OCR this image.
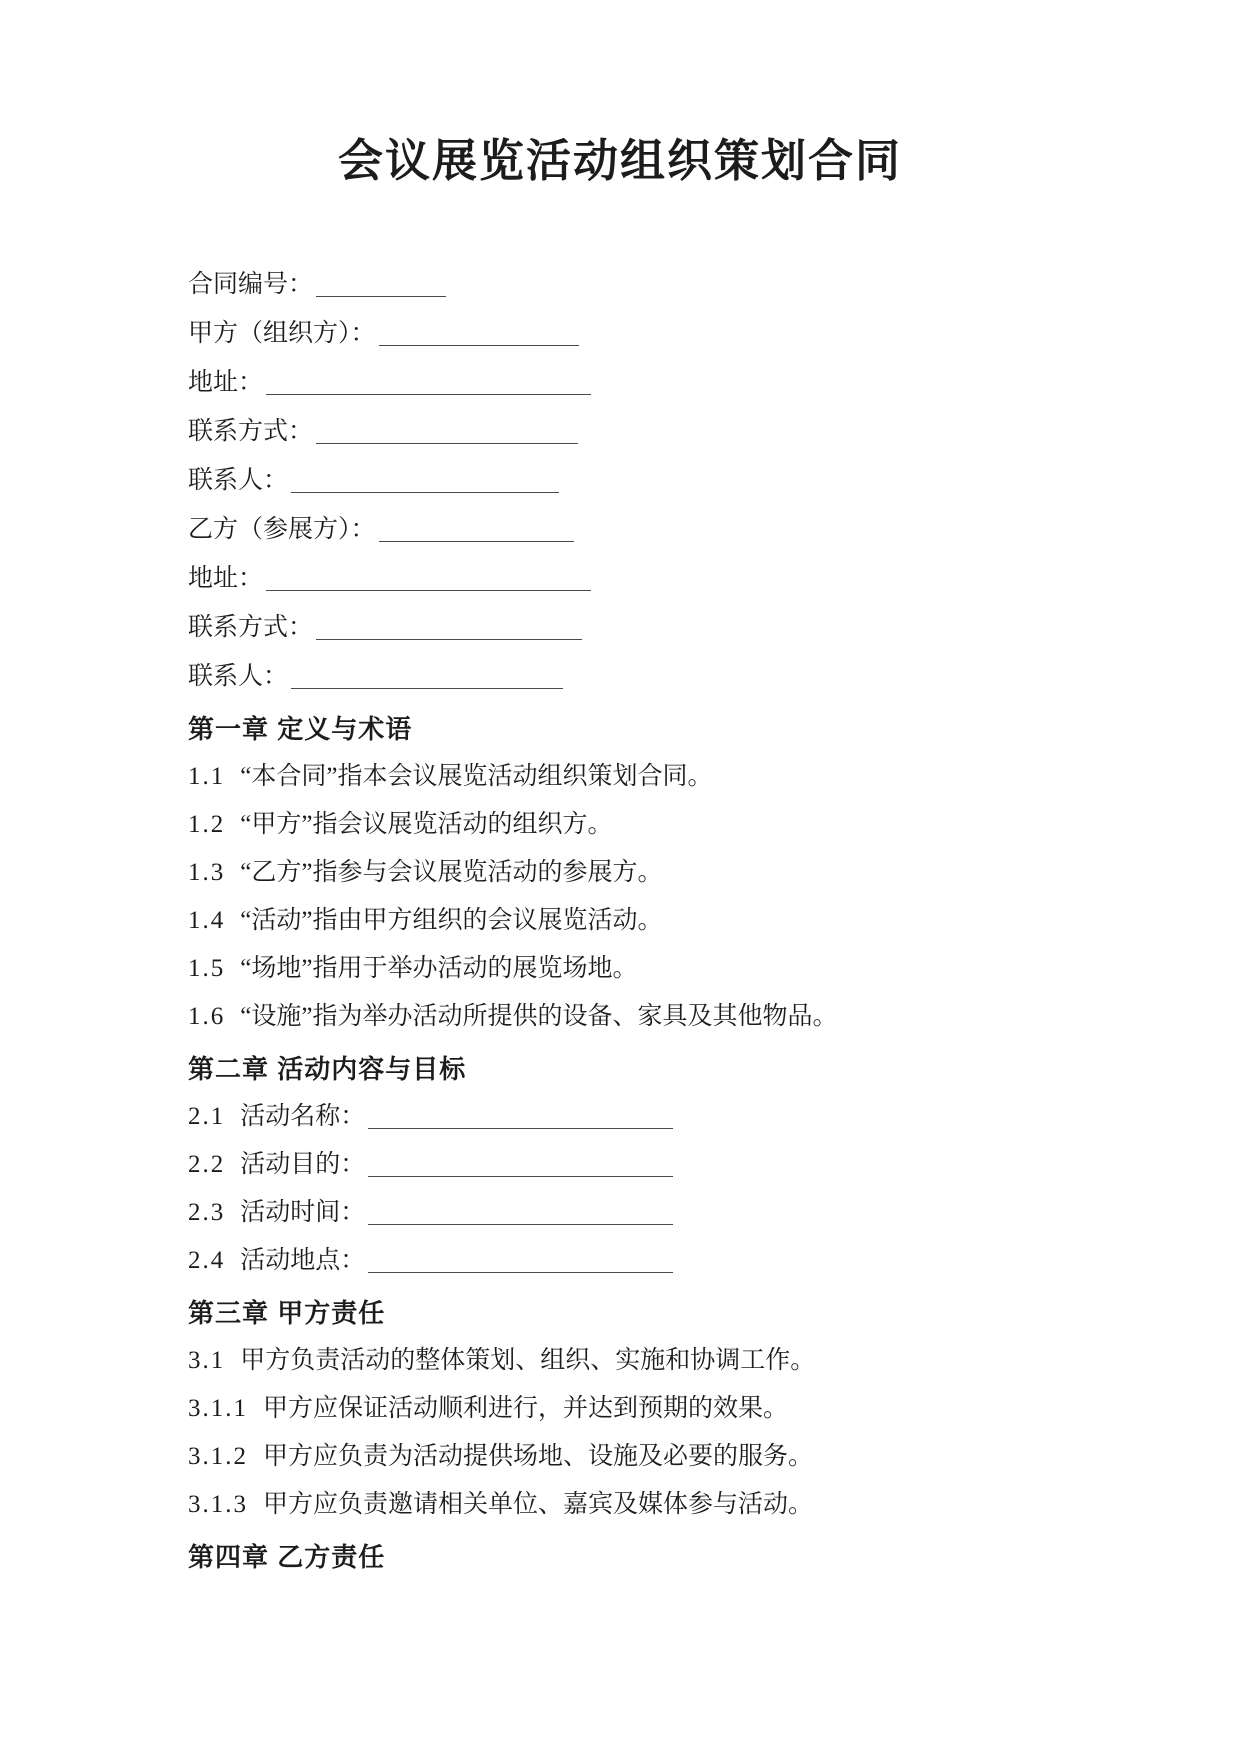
会议展览活动组织策划合同
合同编号：
甲方（组织方）：
地址：
联系方式：
联系人：
乙方（参展方）：
地址：
联系方式：
联系人：
第一章 定义与术语
1.1 “本合同”指本会议展览活动组织策划合同。
1.2 “甲方”指会议展览活动的组织方。
1.3 “乙方”指参与会议展览活动的参展方。
1.4 “活动”指由甲方组织的会议展览活动。
1.5 “场地”指用于举办活动的展览场地。
1.6 “设施”指为举办活动所提供的设备、家具及其他物品。
第二章 活动内容与目标
2.1 活动名称：
2.2 活动目的：
2.3 活动时间：
2.4 活动地点：
第三章 甲方责任
3.1 甲方负责活动的整体策划、组织、实施和协调工作。
3.1.1 甲方应保证活动顺利进行，并达到预期的效果。
3.1.2 甲方应负责为活动提供场地、设施及必要的服务。
3.1.3 甲方应负责邀请相关单位、嘉宾及媒体参与活动。
第四章 乙方责任
